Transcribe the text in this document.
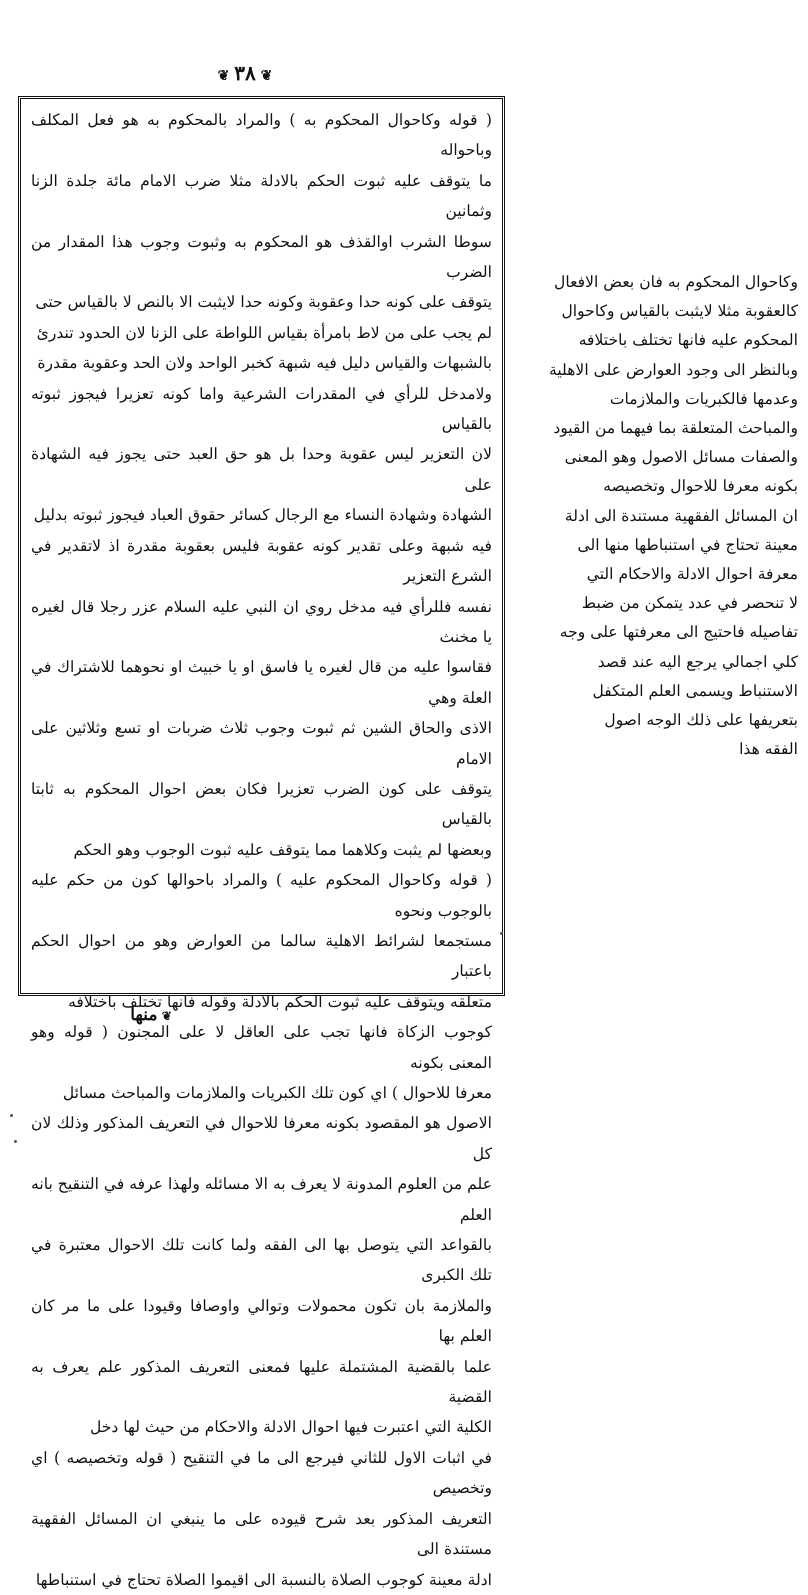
❦ ٣٨ ❦

( قوله وكاحوال المحكوم به ) والمراد بالمحكوم به هو فعل المكلف وباحواله

ما يتوقف عليه ثبوت الحكم بالادلة مثلا ضرب الامام مائة جلدة الزنا وثمانين

سوطا الشرب اوالقذف هو المحكوم به وثبوت وجوب هذا المقدار من الضرب

يتوقف على كونه حدا وعقوبة وكونه حدا لايثبت الا بالنص لا بالقياس حتى

لم يجب على من لاط بامرأة بقياس اللواطة على الزنا لان الحدود تندرئ

بالشبهات والقياس دليل فيه شبهة كخبر الواحد ولان الحد وعقوبة مقدرة

ولامدخل للرأي في المقدرات الشرعية واما كونه تعزيرا فيجوز ثبوته بالقياس

لان التعزير ليس عقوبة وحدا بل هو حق العبد حتى يجوز فيه الشهادة على

الشهادة وشهادة النساء مع الرجال كسائر حقوق العباد فيجوز ثبوته بدليل

فيه شبهة وعلى تقدير كونه عقوبة فليس بعقوبة مقدرة اذ لاتقدير في الشرع التعزير

نفسه فللرأي فيه مدخل روي ان النبي عليه السلام عزر رجلا قال لغيره يا مخنث

فقاسوا عليه من قال لغيره يا فاسق او يا خبيث او نحوهما للاشتراك في العلة وهي

الاذى والحاق الشين ثم ثبوت وجوب ثلاث ضربات او تسع وثلاثين على الامام

يتوقف على كون الضرب تعزيرا فكان بعض احوال المحكوم به ثابتا بالقياس

وبعضها لم يثبت وكلاهما مما يتوقف عليه ثبوت الوجوب وهو الحكم

( قوله وكاحوال المحكوم عليه ) والمراد باحوالها كون من حكم عليه بالوجوب ونحوه

مستجمعا لشرائط الاهلية سالما من العوارض وهو من احوال الحكم باعتبار

متعلقه ويتوقف عليه ثبوت الحكم بالادلة وقوله فانها تختلف باختلافه

كوجوب الزكاة فانها تجب على العاقل لا على المجنون ( قوله وهو المعنى بكونه

معرفا للاحوال ) اي كون تلك الكبريات والملازمات والمباحث مسائل

الاصول هو المقصود بكونه معرفا للاحوال في التعريف المذكور وذلك لان كل

علم من العلوم المدونة لا يعرف به الا مسائله ولهذا عرفه في التنقيح بانه العلم

بالقواعد التي يتوصل بها الى الفقه ولما كانت تلك الاحوال معتبرة في تلك الكبرى

والملازمة بان تكون محمولات وتوالي واوصافا وقيودا على ما مر كان العلم بها

علما بالقضية المشتملة عليها فمعنى التعريف المذكور علم يعرف به القضية

الكلية التي اعتبرت فيها احوال الادلة والاحكام من حيث لها دخل

في اثبات الاول للثاني فيرجع الى ما في التنقيح ( قوله وتخصيصه ) اي وتخصيص

التعريف المذكور بعد شرح قيوده على ما ينبغي ان المسائل الفقهية مستندة الى

ادلة معينة كوجوب الصلاة بالنسبة الى اقيموا الصلاة تحتاج في استنباطها

وكاحوال المحكوم به فان بعض الافعال

كالعقوبة مثلا لايثبت بالقياس وكاحوال

المحكوم عليه فانها تختلف باختلافه

وبالنظر الى وجود العوارض على الاهلية

وعدمها فالكبريات والملازمات

والمباحث المتعلقة بما فيهما من القيود

والصفات مسائل الاصول وهو المعنى

بكونه معرفا للاحوال وتخصيصه

ان المسائل الفقهية مستندة الى ادلة

معينة تحتاج في استنباطها منها الى

معرفة احوال الادلة والاحكام التي

لا تنحصر في عدد يتمكن من ضبط

تفاصيله فاحتيج الى معرفتها على وجه

كلي اجمالي يرجع اليه عند قصد

الاستنباط ويسمى العلم المتكفل

بتعريفها على ذلك الوجه اصول

الفقه هذا

❦ منها
